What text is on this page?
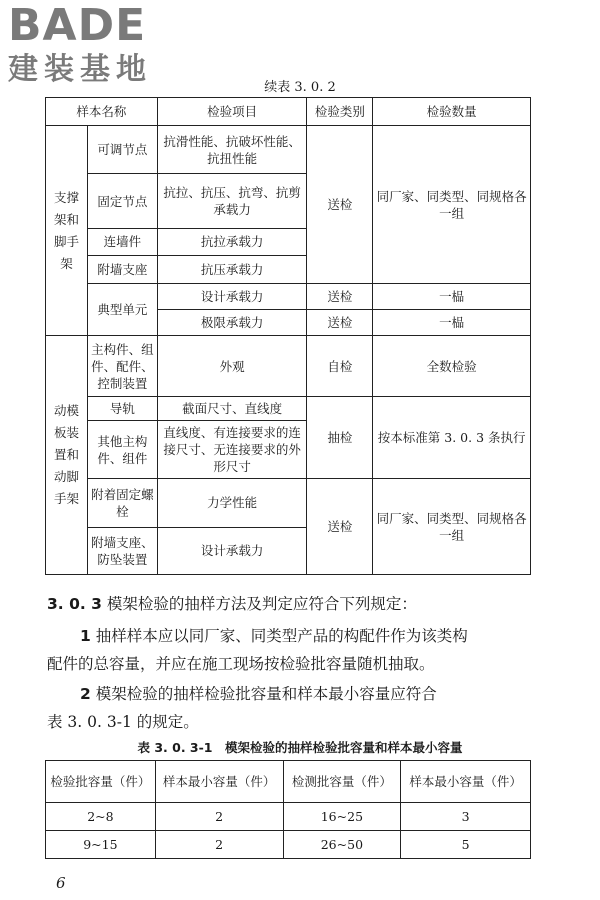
BADE
建装基地
续表 3. 0. 2
样本名称		检验项目	检验类别	检验数量
支撑架和脚手架	可调节点	抗滑性能、抗破坏性能、抗扭性能	送检	同厂家、同类型、同规格各一组
	固定节点	抗拉、抗压、抗弯、抗剪承载力		
	连墙件	抗拉承载力		
	附墙支座	抗压承载力		
	典型单元	设计承载力	送检	一榀
		极限承载力	送检	一榀
动模板装置和动脚手架	主构件、组件、配件、控制装置	外观	自检	全数检验
	导轨	截面尺寸、直线度	抽检	按本标准第 3. 0. 3 条执行
	其他主构件、组件	直线度、有连接要求的连接尺寸、无连接要求的外形尺寸		
	附着固定螺栓	力学性能	送检	同厂家、同类型、同规格各一组
	附墙支座、防坠装置	设计承载力		
3. 0. 3 模架检验的抽样方法及判定应符合下列规定：
1 抽样样本应以同厂家、同类型产品的构配件作为该类构
配件的总容量，并应在施工现场按检验批容量随机抽取。
2 模架检验的抽样检验批容量和样本最小容量应符合
表 3. 0. 3-1 的规定。
表 3. 0. 3-1　模架检验的抽样检验批容量和样本最小容量
检验批容量（件）	样本最小容量（件）	检测批容量（件）	样本最小容量（件）
2~8	2	16~25	3
9~15	2	26~50	5
6
